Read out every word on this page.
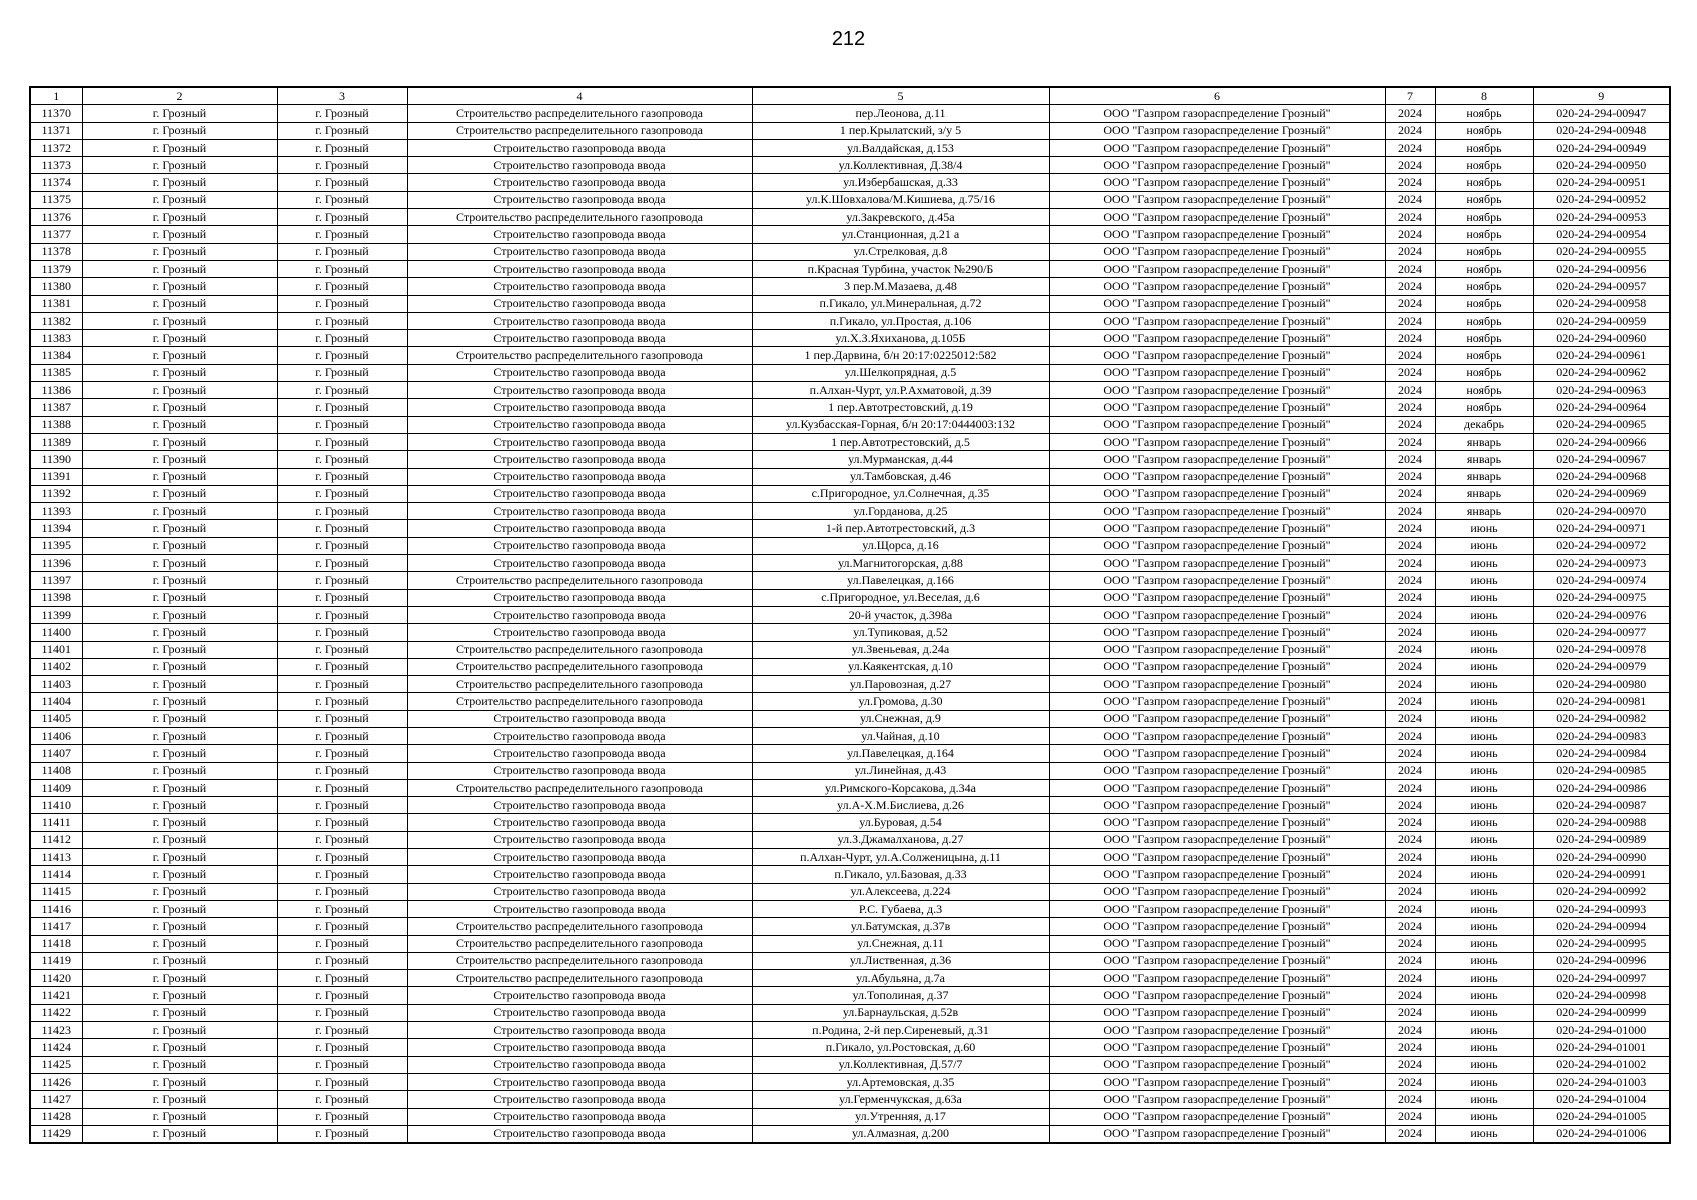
212
1	2	3	4	5	6	7	8	9
11370	г. Грозный	г. Грозный	Строительство распределительного газопровода	пер.Леонова, д.11	ООО "Газпром газораспределение Грозный"	2024	ноябрь	020-24-294-00947
11371	г. Грозный	г. Грозный	Строительство распределительного газопровода	1 пер.Крылатский, з/у 5	ООО "Газпром газораспределение Грозный"	2024	ноябрь	020-24-294-00948
11372	г. Грозный	г. Грозный	Строительство газопровода ввода	ул.Валдайская, д.153	ООО "Газпром газораспределение Грозный"	2024	ноябрь	020-24-294-00949
11373	г. Грозный	г. Грозный	Строительство газопровода ввода	ул.Коллективная, Д.38/4	ООО "Газпром газораспределение Грозный"	2024	ноябрь	020-24-294-00950
11374	г. Грозный	г. Грозный	Строительство газопровода ввода	ул.Избербашская, д.33	ООО "Газпром газораспределение Грозный"	2024	ноябрь	020-24-294-00951
11375	г. Грозный	г. Грозный	Строительство газопровода ввода	ул.К.Шовхалова/М.Кишиева, д.75/16	ООО "Газпром газораспределение Грозный"	2024	ноябрь	020-24-294-00952
11376	г. Грозный	г. Грозный	Строительство распределительного газопровода	ул.Закревского, д.45а	ООО "Газпром газораспределение Грозный"	2024	ноябрь	020-24-294-00953
11377	г. Грозный	г. Грозный	Строительство газопровода ввода	ул.Станционная, д.21 а	ООО "Газпром газораспределение Грозный"	2024	ноябрь	020-24-294-00954
11378	г. Грозный	г. Грозный	Строительство газопровода ввода	ул.Стрелковая, д.8	ООО "Газпром газораспределение Грозный"	2024	ноябрь	020-24-294-00955
11379	г. Грозный	г. Грозный	Строительство газопровода ввода	п.Красная Турбина, участок №290/Б	ООО "Газпром газораспределение Грозный"	2024	ноябрь	020-24-294-00956
11380	г. Грозный	г. Грозный	Строительство газопровода ввода	3 пер.М.Мазаева, д.48	ООО "Газпром газораспределение Грозный"	2024	ноябрь	020-24-294-00957
11381	г. Грозный	г. Грозный	Строительство газопровода ввода	п.Гикало, ул.Минеральная, д.72	ООО "Газпром газораспределение Грозный"	2024	ноябрь	020-24-294-00958
11382	г. Грозный	г. Грозный	Строительство газопровода ввода	п.Гикало, ул.Простая, д.106	ООО "Газпром газораспределение Грозный"	2024	ноябрь	020-24-294-00959
11383	г. Грозный	г. Грозный	Строительство газопровода ввода	ул.Х.З.Яхиханова, д.105Б	ООО "Газпром газораспределение Грозный"	2024	ноябрь	020-24-294-00960
11384	г. Грозный	г. Грозный	Строительство распределительного газопровода	1 пер.Дарвина, б/н 20:17:0225012:582	ООО "Газпром газораспределение Грозный"	2024	ноябрь	020-24-294-00961
11385	г. Грозный	г. Грозный	Строительство газопровода ввода	ул.Шелкопрядная, д.5	ООО "Газпром газораспределение Грозный"	2024	ноябрь	020-24-294-00962
11386	г. Грозный	г. Грозный	Строительство газопровода ввода	п.Алхан-Чурт, ул.Р.Ахматовой, д.39	ООО "Газпром газораспределение Грозный"	2024	ноябрь	020-24-294-00963
11387	г. Грозный	г. Грозный	Строительство газопровода ввода	1 пер.Автотрестовский, д.19	ООО "Газпром газораспределение Грозный"	2024	ноябрь	020-24-294-00964
11388	г. Грозный	г. Грозный	Строительство газопровода ввода	ул.Кузбасская-Горная, б/н 20:17:0444003:132	ООО "Газпром газораспределение Грозный"	2024	декабрь	020-24-294-00965
11389	г. Грозный	г. Грозный	Строительство газопровода ввода	1 пер.Автотрестовский, д.5	ООО "Газпром газораспределение Грозный"	2024	январь	020-24-294-00966
11390	г. Грозный	г. Грозный	Строительство газопровода ввода	ул.Мурманская, д.44	ООО "Газпром газораспределение Грозный"	2024	январь	020-24-294-00967
11391	г. Грозный	г. Грозный	Строительство газопровода ввода	ул.Тамбовская, д.46	ООО "Газпром газораспределение Грозный"	2024	январь	020-24-294-00968
11392	г. Грозный	г. Грозный	Строительство газопровода ввода	с.Пригородное, ул.Солнечная, д.35	ООО "Газпром газораспределение Грозный"	2024	январь	020-24-294-00969
11393	г. Грозный	г. Грозный	Строительство газопровода ввода	ул.Горданова, д.25	ООО "Газпром газораспределение Грозный"	2024	январь	020-24-294-00970
11394	г. Грозный	г. Грозный	Строительство газопровода ввода	1-й пер.Автотрестовский, д.3	ООО "Газпром газораспределение Грозный"	2024	июнь	020-24-294-00971
11395	г. Грозный	г. Грозный	Строительство газопровода ввода	ул.Щорса, д.16	ООО "Газпром газораспределение Грозный"	2024	июнь	020-24-294-00972
11396	г. Грозный	г. Грозный	Строительство газопровода ввода	ул.Магнитогорская, д.88	ООО "Газпром газораспределение Грозный"	2024	июнь	020-24-294-00973
11397	г. Грозный	г. Грозный	Строительство распределительного газопровода	ул.Павелецкая, д.166	ООО "Газпром газораспределение Грозный"	2024	июнь	020-24-294-00974
11398	г. Грозный	г. Грозный	Строительство газопровода ввода	с.Пригородное, ул.Веселая, д.6	ООО "Газпром газораспределение Грозный"	2024	июнь	020-24-294-00975
11399	г. Грозный	г. Грозный	Строительство газопровода ввода	20-й участок, д.398а	ООО "Газпром газораспределение Грозный"	2024	июнь	020-24-294-00976
11400	г. Грозный	г. Грозный	Строительство газопровода ввода	ул.Тупиковая, д.52	ООО "Газпром газораспределение Грозный"	2024	июнь	020-24-294-00977
11401	г. Грозный	г. Грозный	Строительство распределительного газопровода	ул.Звеньевая, д.24а	ООО "Газпром газораспределение Грозный"	2024	июнь	020-24-294-00978
11402	г. Грозный	г. Грозный	Строительство распределительного газопровода	ул.Каякентская, д.10	ООО "Газпром газораспределение Грозный"	2024	июнь	020-24-294-00979
11403	г. Грозный	г. Грозный	Строительство распределительного газопровода	ул.Паровозная, д.27	ООО "Газпром газораспределение Грозный"	2024	июнь	020-24-294-00980
11404	г. Грозный	г. Грозный	Строительство распределительного газопровода	ул.Громова, д.30	ООО "Газпром газораспределение Грозный"	2024	июнь	020-24-294-00981
11405	г. Грозный	г. Грозный	Строительство газопровода ввода	ул.Снежная, д.9	ООО "Газпром газораспределение Грозный"	2024	июнь	020-24-294-00982
11406	г. Грозный	г. Грозный	Строительство газопровода ввода	ул.Чайная, д.10	ООО "Газпром газораспределение Грозный"	2024	июнь	020-24-294-00983
11407	г. Грозный	г. Грозный	Строительство газопровода ввода	ул.Павелецкая, д.164	ООО "Газпром газораспределение Грозный"	2024	июнь	020-24-294-00984
11408	г. Грозный	г. Грозный	Строительство газопровода ввода	ул.Линейная, д.43	ООО "Газпром газораспределение Грозный"	2024	июнь	020-24-294-00985
11409	г. Грозный	г. Грозный	Строительство распределительного газопровода	ул.Римского-Корсакова, д.34а	ООО "Газпром газораспределение Грозный"	2024	июнь	020-24-294-00986
11410	г. Грозный	г. Грозный	Строительство газопровода ввода	ул.А-Х.М.Бислиева, д.26	ООО "Газпром газораспределение Грозный"	2024	июнь	020-24-294-00987
11411	г. Грозный	г. Грозный	Строительство газопровода ввода	ул.Буровая, д.54	ООО "Газпром газораспределение Грозный"	2024	июнь	020-24-294-00988
11412	г. Грозный	г. Грозный	Строительство газопровода ввода	ул.З.Джамалханова, д.27	ООО "Газпром газораспределение Грозный"	2024	июнь	020-24-294-00989
11413	г. Грозный	г. Грозный	Строительство газопровода ввода	п.Алхан-Чурт, ул.А.Солженицына, д.11	ООО "Газпром газораспределение Грозный"	2024	июнь	020-24-294-00990
11414	г. Грозный	г. Грозный	Строительство газопровода ввода	п.Гикало, ул.Базовая, д.33	ООО "Газпром газораспределение Грозный"	2024	июнь	020-24-294-00991
11415	г. Грозный	г. Грозный	Строительство газопровода ввода	ул.Алексеева, д.224	ООО "Газпром газораспределение Грозный"	2024	июнь	020-24-294-00992
11416	г. Грозный	г. Грозный	Строительство газопровода ввода	Р.С. Губаева, д.3	ООО "Газпром газораспределение Грозный"	2024	июнь	020-24-294-00993
11417	г. Грозный	г. Грозный	Строительство распределительного газопровода	ул.Батумская, д.37в	ООО "Газпром газораспределение Грозный"	2024	июнь	020-24-294-00994
11418	г. Грозный	г. Грозный	Строительство распределительного газопровода	ул.Снежная, д.11	ООО "Газпром газораспределение Грозный"	2024	июнь	020-24-294-00995
11419	г. Грозный	г. Грозный	Строительство распределительного газопровода	ул.Лиственная, д.36	ООО "Газпром газораспределение Грозный"	2024	июнь	020-24-294-00996
11420	г. Грозный	г. Грозный	Строительство распределительного газопровода	ул.Абульяна, д.7а	ООО "Газпром газораспределение Грозный"	2024	июнь	020-24-294-00997
11421	г. Грозный	г. Грозный	Строительство газопровода ввода	ул.Тополиная, д.37	ООО "Газпром газораспределение Грозный"	2024	июнь	020-24-294-00998
11422	г. Грозный	г. Грозный	Строительство газопровода ввода	ул.Барнаульская, д.52в	ООО "Газпром газораспределение Грозный"	2024	июнь	020-24-294-00999
11423	г. Грозный	г. Грозный	Строительство газопровода ввода	п.Родина, 2-й пер.Сиреневый, д.31	ООО "Газпром газораспределение Грозный"	2024	июнь	020-24-294-01000
11424	г. Грозный	г. Грозный	Строительство газопровода ввода	п.Гикало, ул.Ростовская, д.60	ООО "Газпром газораспределение Грозный"	2024	июнь	020-24-294-01001
11425	г. Грозный	г. Грозный	Строительство газопровода ввода	ул.Коллективная, Д.57/7	ООО "Газпром газораспределение Грозный"	2024	июнь	020-24-294-01002
11426	г. Грозный	г. Грозный	Строительство газопровода ввода	ул.Артемовская, д.35	ООО "Газпром газораспределение Грозный"	2024	июнь	020-24-294-01003
11427	г. Грозный	г. Грозный	Строительство газопровода ввода	ул.Герменчукская, д.63а	ООО "Газпром газораспределение Грозный"	2024	июнь	020-24-294-01004
11428	г. Грозный	г. Грозный	Строительство газопровода ввода	ул.Утренняя, д.17	ООО "Газпром газораспределение Грозный"	2024	июнь	020-24-294-01005
11429	г. Грозный	г. Грозный	Строительство газопровода ввода	ул.Алмазная, д.200	ООО "Газпром газораспределение Грозный"	2024	июнь	020-24-294-01006
